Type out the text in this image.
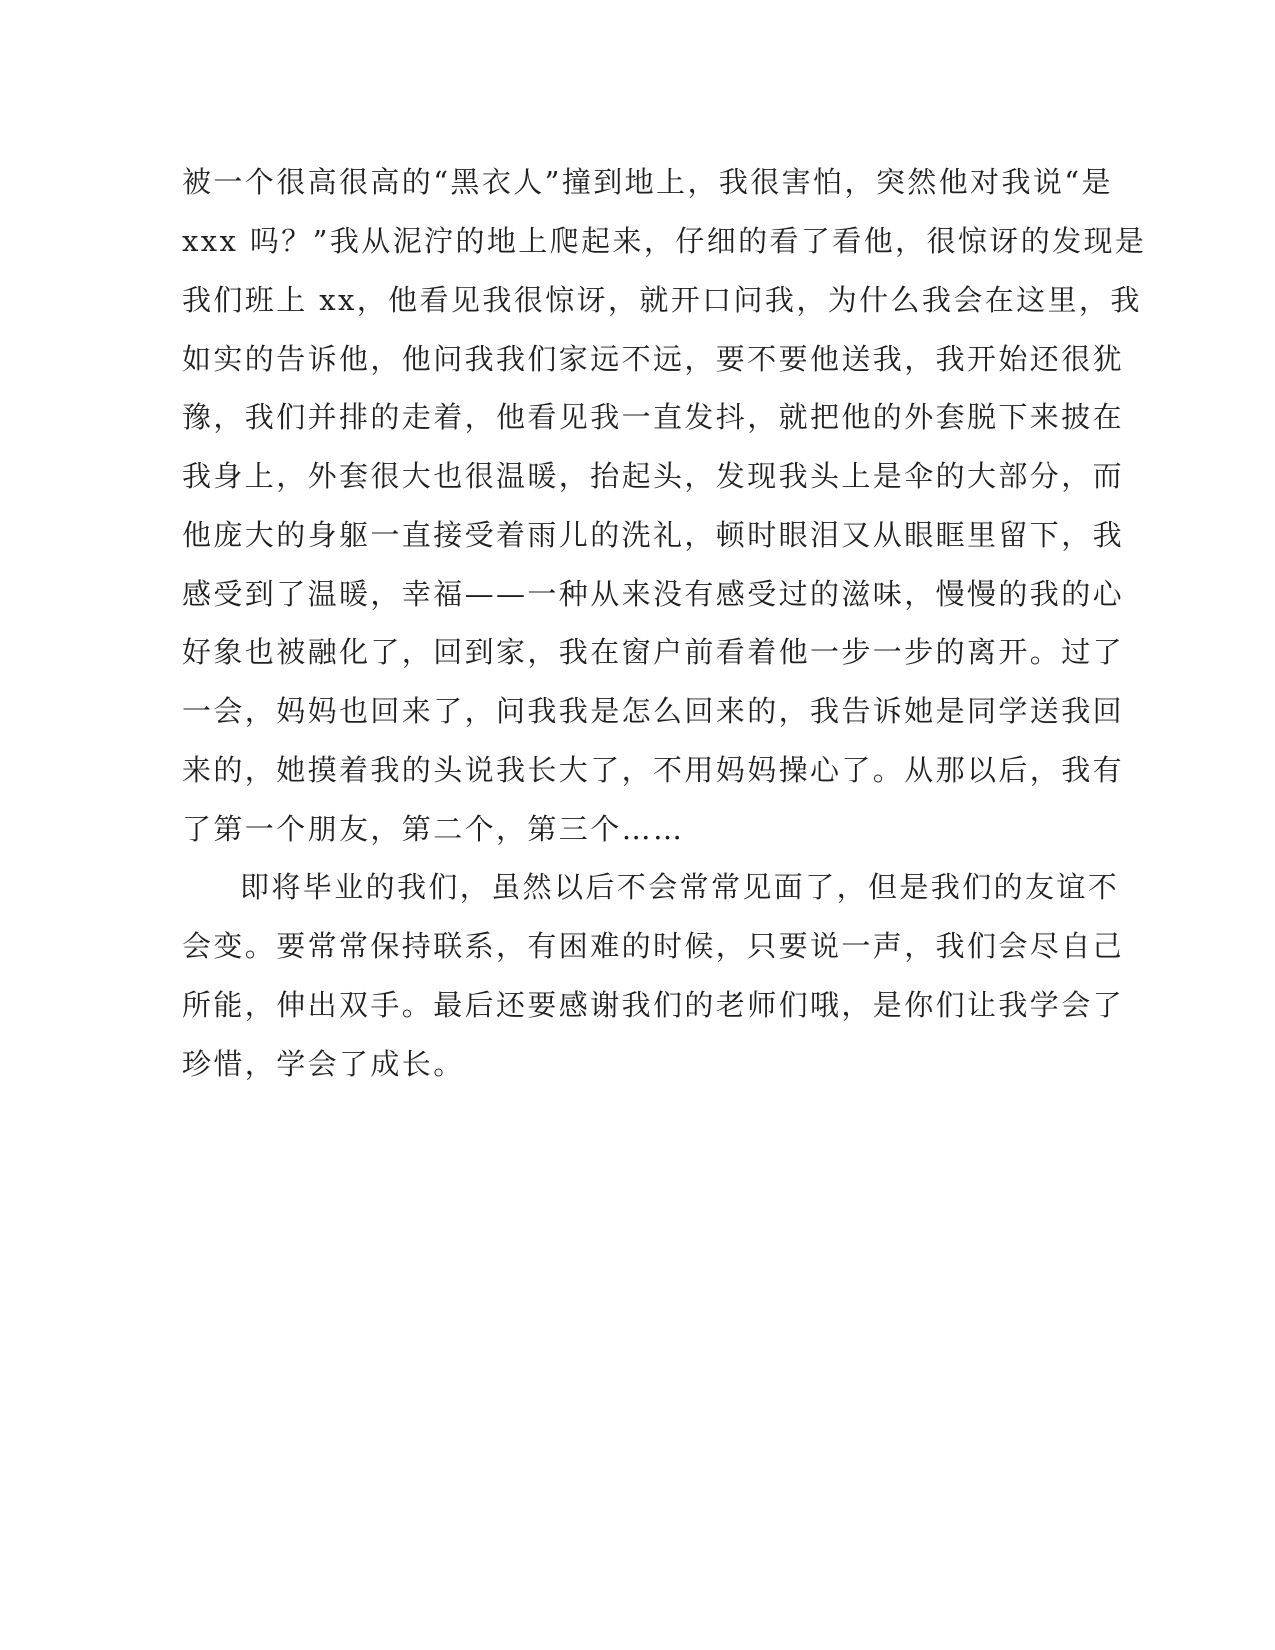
被一个很高很高的“黑衣人”撞到地上，我很害怕，突然他对我说“是
xxx 吗？”我从泥泞的地上爬起来，仔细的看了看他，很惊讶的发现是
我们班上 xx，他看见我很惊讶，就开口问我，为什么我会在这里，我
如实的告诉他，他问我我们家远不远，要不要他送我，我开始还很犹
豫，我们并排的走着，他看见我一直发抖，就把他的外套脱下来披在
我身上，外套很大也很温暖，抬起头，发现我头上是伞的大部分，而
他庞大的身躯一直接受着雨儿的洗礼，顿时眼泪又从眼眶里留下，我
感受到了温暖，幸福——一种从来没有感受过的滋味，慢慢的我的心
好象也被融化了，回到家，我在窗户前看着他一步一步的离开。过了
一会，妈妈也回来了，问我我是怎么回来的，我告诉她是同学送我回
来的，她摸着我的头说我长大了，不用妈妈操心了。从那以后，我有
了第一个朋友，第二个，第三个……
即将毕业的我们，虽然以后不会常常见面了，但是我们的友谊不
会变。要常常保持联系，有困难的时候，只要说一声，我们会尽自己
所能，伸出双手。最后还要感谢我们的老师们哦，是你们让我学会了
珍惜，学会了成长。
